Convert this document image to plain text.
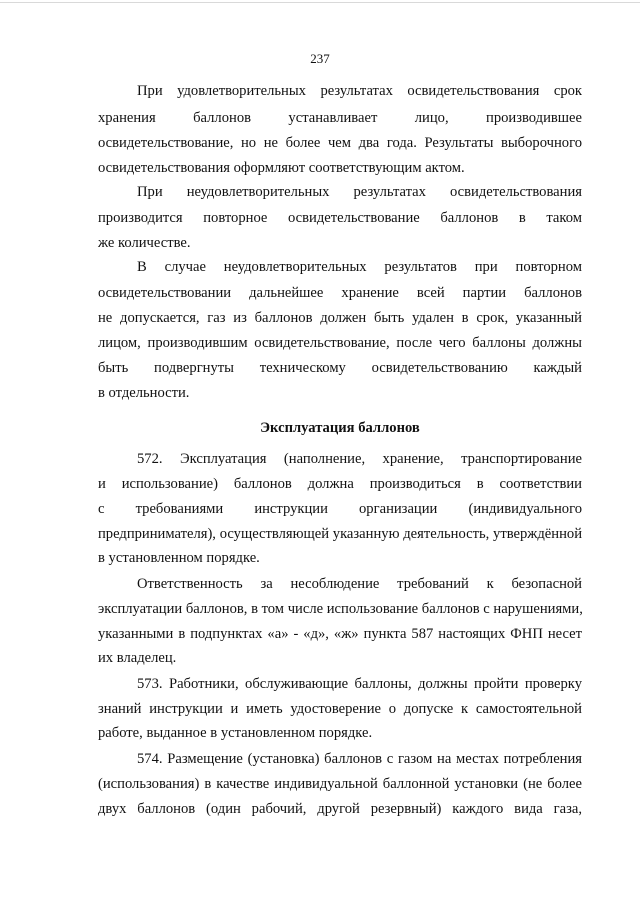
237
При удовлетворительных результатах освидетельствования срок
хранения баллонов устанавливает лицо, производившее
освидетельствование, но не более чем два года. Результаты выборочного
освидетельствования оформляют соответствующим актом.
При неудовлетворительных результатах освидетельствования
производится повторное освидетельствование баллонов в таком
же количестве.
В случае неудовлетворительных результатов при повторном
освидетельствовании дальнейшее хранение всей партии баллонов
не допускается, газ из баллонов должен быть удален в срок, указанный
лицом, производившим освидетельствование, после чего баллоны должны
быть подвергнуты техническому освидетельствованию каждый
в отдельности.
Эксплуатация баллонов
572. Эксплуатация (наполнение, хранение, транспортирование
и использование) баллонов должна производиться в соответствии
с требованиями инструкции организации (индивидуального
предпринимателя), осуществляющей указанную деятельность, утверждённой
в установленном порядке.
Ответственность за несоблюдение требований к безопасной
эксплуатации баллонов, в том числе использование баллонов с нарушениями,
указанными в подпунктах «а» - «д», «ж» пункта 587 настоящих ФНП несет
их владелец.
573. Работники, обслуживающие баллоны, должны пройти проверку
знаний инструкции и иметь удостоверение о допуске к самостоятельной
работе, выданное в установленном порядке.
574. Размещение (установка) баллонов с газом на местах потребления
(использования) в качестве индивидуальной баллонной установки (не более
двух баллонов (один рабочий, другой резервный) каждого вида газа,
